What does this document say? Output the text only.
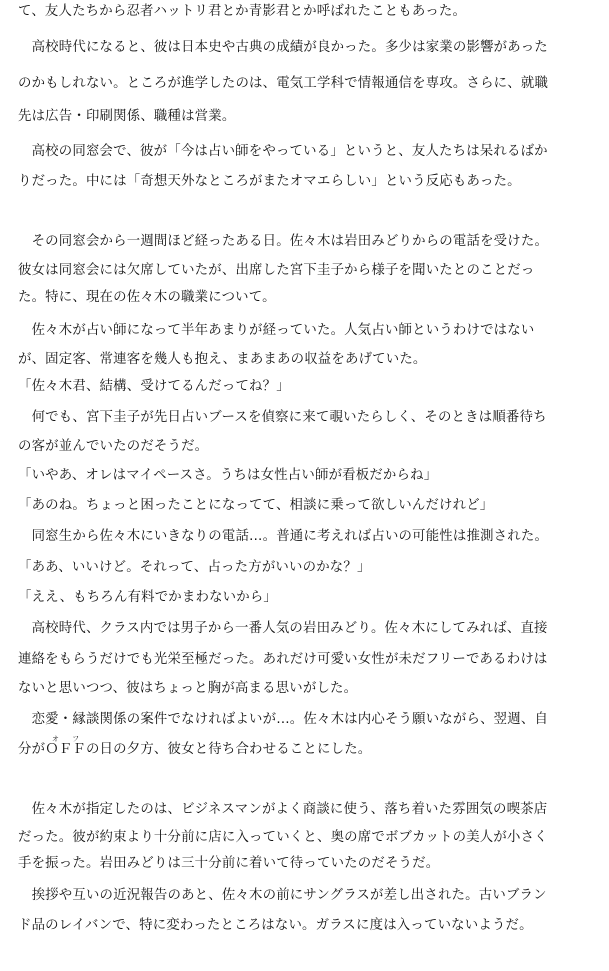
て、友人たちから忍者ハットリ君とか青影君とか呼ばれたこともあった。
　高校時代になると、彼は日本史や古典の成績が良かった。多少は家業の影響があった
のかもしれない。ところが進学したのは、電気工学科で情報通信を専攻。さらに、就職
先は広告・印刷関係、職種は営業。
　高校の同窓会で、彼が「今は占い師をやっている」というと、友人たちは呆れるばか
りだった。中には「奇想天外なところがまたオマエらしい」という反応もあった。
　その同窓会から一週間ほど経ったある日。佐々木は岩田みどりからの電話を受けた。
彼女は同窓会には欠席していたが、出席した宮下圭子から様子を聞いたとのことだっ
た。特に、現在の佐々木の職業について。
　佐々木が占い師になって半年あまりが経っていた。人気占い師というわけではない
が、固定客、常連客を幾人も抱え、まあまあの収益をあげていた。
「佐々木君、結構、受けてるんだってね？」
　何でも、宮下圭子が先日占いブースを偵察に来て覗いたらしく、そのときは順番待ち
の客が並んでいたのだそうだ。
「いやあ、オレはマイペースさ。うちは女性占い師が看板だからね」
「あのね。ちょっと困ったことになってて、相談に乗って欲しいんだけれど」
　同窓生から佐々木にいきなりの電話…。普通に考えれば占いの可能性は推測された。
「ああ、いいけど。それって、占った方がいいのかな？」
「ええ、もちろん有料でかまわないから」
　高校時代、クラス内では男子から一番人気の岩田みどり。佐々木にしてみれば、直接
連絡をもらうだけでも光栄至極だった。あれだけ可愛い女性が未だフリーであるわけは
ないと思いつつ、彼はちょっと胸が高まる思いがした。
　恋愛・縁談関係の案件でなければよいが…。佐々木は内心そう願いながら、翌週、自
分がＯＦＦオフの日の夕方、彼女と待ち合わせることにした。
　佐々木が指定したのは、ビジネスマンがよく商談に使う、落ち着いた雰囲気の喫茶店
だった。彼が約束より十分前に店に入っていくと、奥の席でボブカットの美人が小さく
手を振った。岩田みどりは三十分前に着いて待っていたのだそうだ。
　挨拶や互いの近況報告のあと、佐々木の前にサングラスが差し出された。古いブラン
ド品のレイバンで、特に変わったところはない。ガラスに度は入っていないようだ。
